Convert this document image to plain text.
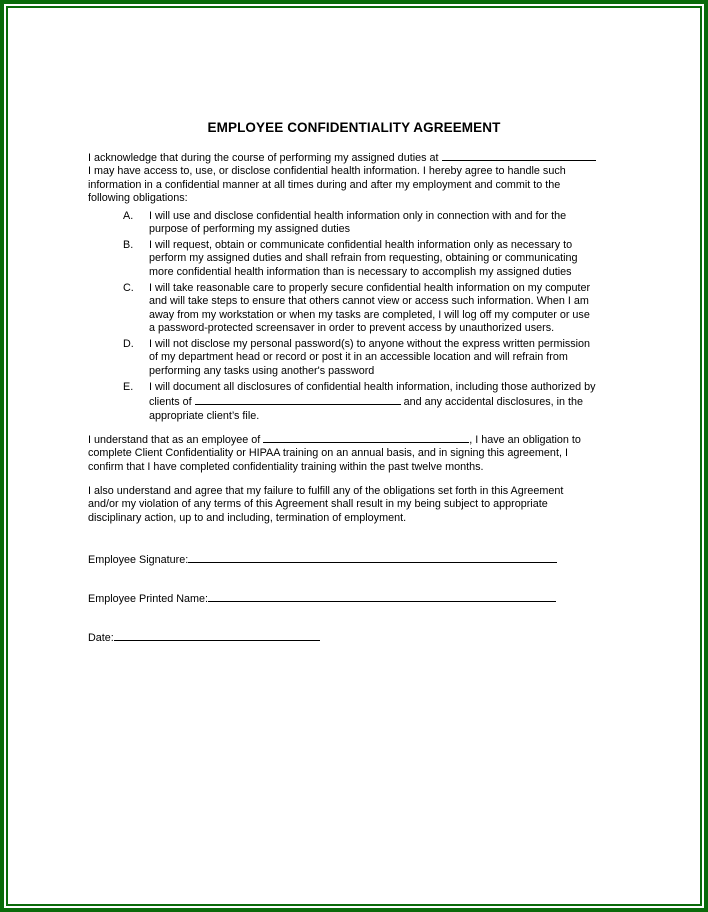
EMPLOYEE CONFIDENTIALITY AGREEMENT
I acknowledge that during the course of performing my assigned duties at
I may have access to, use, or disclose confidential health information. I hereby agree to handle such
information in a confidential manner at all times during and after my employment and commit to the
following obligations:
A. I will use and disclose confidential health information only in connection with and for the
purpose of performing my assigned duties
B. I will request, obtain or communicate confidential health information only as necessary to
perform my assigned duties and shall refrain from requesting, obtaining or communicating
more confidential health information than is necessary to accomplish my assigned duties
C. I will take reasonable care to properly secure confidential health information on my computer
and will take steps to ensure that others cannot view or access such information. When I am
away from my workstation or when my tasks are completed, I will log off my computer or use
a password-protected screensaver in order to prevent access by unauthorized users.
D. I will not disclose my personal password(s) to anyone without the express written permission
of my department head or record or post it in an accessible location and will refrain from
performing any tasks using another's password
E. I will document all disclosures of confidential health information, including those authorized by
clients of	and any accidental disclosures, in the
appropriate client’s file.
I understand that as an employee of	, I have an obligation to
complete Client Confidentiality or HIPAA training on an annual basis, and in signing this agreement, I
confirm that I have completed confidentiality training within the past twelve months.
I also understand and agree that my failure to fulfill any of the obligations set forth in this Agreement
and/or my violation of any terms of this Agreement shall result in my being subject to appropriate
disciplinary action, up to and including, termination of employment.
Employee Signature:
Employee Printed Name:
Date:
